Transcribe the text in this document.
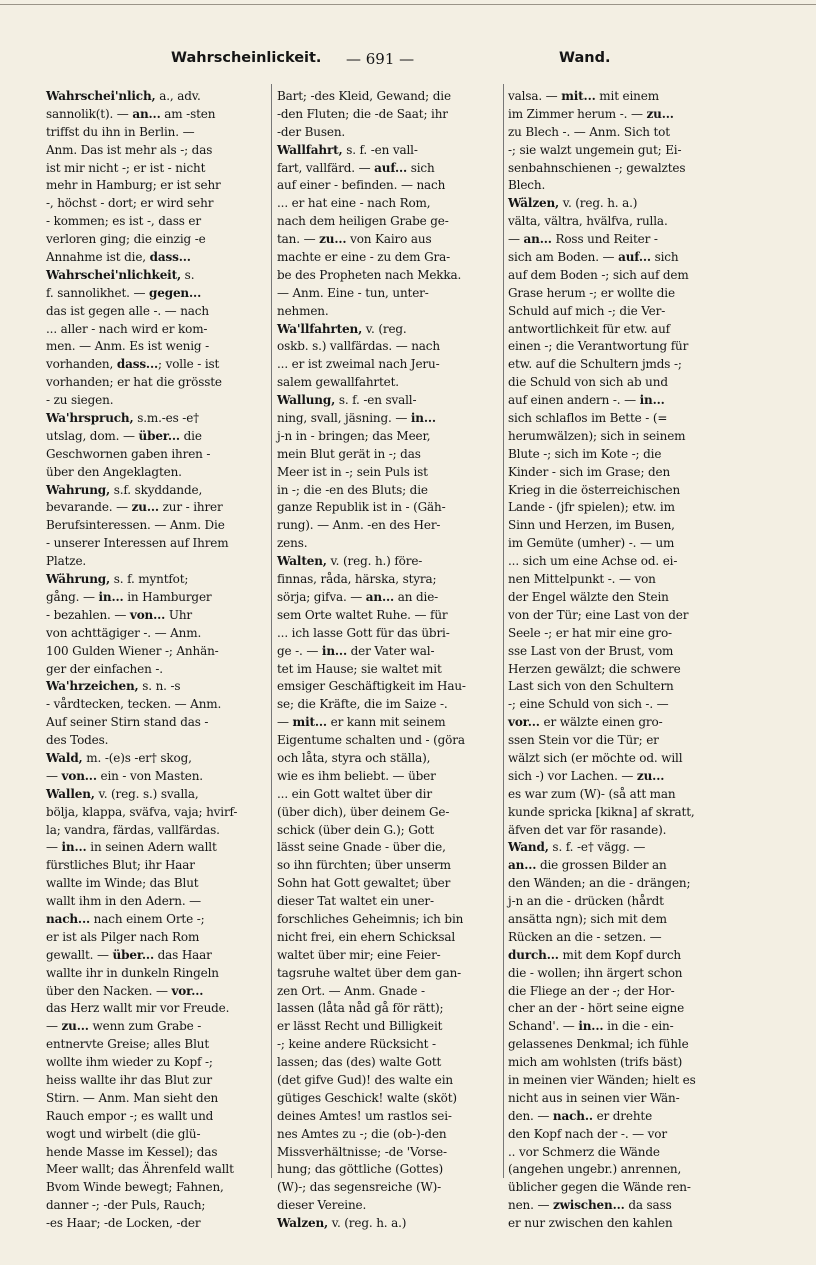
Wahrscheinlickeit. — 691 —	Wand.
Wahrschei'nlich, a., adv.
sannolik(t). — an... am -sten
triffst du ihn in Berlin. —
Anm. Das ist mehr als -; das
ist mir nicht -; er ist - nicht
mehr in Hamburg; er ist sehr
-, höchst - dort; er wird sehr
- kommen; es ist -, dass er
verloren ging; die einzig -e
Annahme ist die, dass...
Wahrschei'nlichkeit, s.
f. sannolikhet. — gegen...
das ist gegen alle -. — nach
... aller - nach wird er kom-
men. — Anm. Es ist wenig -
vorhanden, dass...; volle - ist
vorhanden; er hat die grösste
- zu siegen.
Wa'hrspruch, s.m.-es -e†
utslag, dom. — über... die
Geschwornen gaben ihren -
über den Angeklagten.
Wahrung, s.f. skyddande,
bevarande. — zu... zur - ihrer
Berufsinteressen. — Anm. Die
- unserer Interessen auf Ihrem
Platze.
Währung, s. f. myntfot;
gång. — in... in Hamburger
- bezahlen. — von... Uhr
von achttägiger -. — Anm.
100 Gulden Wiener -; Anhän-
ger der einfachen -.
Wa'hrzeichen, s. n. -s
- vårdtecken, tecken. — Anm.
Auf seiner Stirn stand das -
des Todes.
Wald, m. -(e)s -er† skog,
— von... ein - von Masten.
Wallen, v. (reg. s.) svalla,
bölja, klappa, sväfva, vaja; hvirf-
la; vandra, färdas, vallfärdas.
— in... in seinen Adern wallt
fürstliches Blut; ihr Haar
wallte im Winde; das Blut
wallt ihm in den Adern. —
nach... nach einem Orte -;
er ist als Pilger nach Rom
gewallt. — über... das Haar
wallte ihr in dunkeln Ringeln
über den Nacken. — vor...
das Herz wallt mir vor Freude.
— zu... wenn zum Grabe -
entnervte Greise; alles Blut
wollte ihm wieder zu Kopf -;
heiss wallte ihr das Blut zur
Stirn. — Anm. Man sieht den
Rauch empor -; es wallt und
wogt und wirbelt (die glü-
hende Masse im Kessel); das
Meer wallt; das Ährenfeld wallt
Bvom Winde bewegt; Fahnen,
danner -; -der Puls, Rauch;
-es Haar; -de Locken, -der
Bart; -des Kleid, Gewand; die
-den Fluten; die -de Saat; ihr
-der Busen.
Wallfahrt, s. f. -en vall-
fart, vallfärd. — auf... sich
auf einer - befinden. — nach
... er hat eine - nach Rom,
nach dem heiligen Grabe ge-
tan. — zu... von Kairo aus
machte er eine - zu dem Gra-
be des Propheten nach Mekka.
— Anm. Eine - tun, unter-
nehmen.
Wa'llfahrten, v. (reg.
oskb. s.) vallfärdas. — nach
... er ist zweimal nach Jeru-
salem gewallfahrtet.
Wallung, s. f. -en svall-
ning, svall, jäsning. — in...
j-n in - bringen; das Meer,
mein Blut gerät in -; das
Meer ist in -; sein Puls ist
in -; die -en des Bluts; die
ganze Republik ist in - (Gäh-
rung). — Anm. -en des Her-
zens.
Walten, v. (reg. h.) före-
finnas, råda, härska, styra;
sörja; gifva. — an... an die-
sem Orte waltet Ruhe. — für
... ich lasse Gott für das übri-
ge -. — in... der Vater wal-
tet im Hause; sie waltet mit
emsiger Geschäftigkeit im Hau-
se; die Kräfte, die im Saize -.
— mit... er kann mit seinem
Eigentume schalten und - (göra
och låta, styra och ställa),
wie es ihm beliebt. — über
... ein Gott waltet über dir
(über dich), über deinem Ge-
schick (über dein G.); Gott
lässt seine Gnade - über die,
so ihn fürchten; über unserm
Sohn hat Gott gewaltet; über
dieser Tat waltet ein uner-
forschliches Geheimnis; ich bin
nicht frei, ein ehern Schicksal
waltet über mir; eine Feier-
tagsruhe waltet über dem gan-
zen Ort. — Anm. Gnade -
lassen (låta nåd gå för rätt);
er lässt Recht und Billigkeit
-; keine andere Rücksicht -
lassen; das (des) walte Gott
(det gifve Gud)! des walte ein
gütiges Geschick! walte (sköt)
deines Amtes! um rastlos sei-
nes Amtes zu -; die (ob-)-den
Missverhältnisse; -de 'Vorse-
hung; das göttliche (Gottes)
(W)-; das segensreiche (W)-
dieser Vereine.
Walzen, v. (reg. h. a.)
valsa. — mit... mit einem
im Zimmer herum -. — zu...
zu Blech -. — Anm. Sich tot
-; sie walzt ungemein gut; Ei-
senbahnschienen -; gewalztes
Blech.
Wälzen, v. (reg. h. a.)
välta, vältra, hvälfva, rulla.
— an... Ross und Reiter -
sich am Boden. — auf... sich
auf dem Boden -; sich auf dem
Grase herum -; er wollte die
Schuld auf mich -; die Ver-
antwortlichkeit für etw. auf
einen -; die Verantwortung für
etw. auf die Schultern jmds -;
die Schuld von sich ab und
auf einen andern -. — in...
sich schlaflos im Bette - (=
herumwälzen); sich in seinem
Blute -; sich im Kote -; die
Kinder - sich im Grase; den
Krieg in die österreichischen
Lande - (jfr spielen); etw. im
Sinn und Herzen, im Busen,
im Gemüte (umher) -. — um
... sich um eine Achse od. ei-
nen Mittelpunkt -. — von
der Engel wälzte den Stein
von der Tür; eine Last von der
Seele -; er hat mir eine gro-
sse Last von der Brust, vom
Herzen gewälzt; die schwere
Last sich von den Schultern
-; eine Schuld von sich -. —
vor... er wälzte einen gro-
ssen Stein vor die Tür; er
wälzt sich (er möchte od. will
sich -) vor Lachen. — zu...
es war zum (W)- (så att man
kunde spricka [kikna] af skratt,
äfven det var för rasande).
Wand, s. f. -e† vägg. —
an... die grossen Bilder an
den Wänden; an die - drängen;
j-n an die - drücken (hårdt
ansätta ngn); sich mit dem
Rücken an die - setzen. —
durch... mit dem Kopf durch
die - wollen; ihn ärgert schon
die Fliege an der -; der Hor-
cher an der - hört seine eigne
Schand'. — in... in die - ein-
gelassenes Denkmal; ich fühle
mich am wohlsten (trifs bäst)
in meinen vier Wänden; hielt es
nicht aus in seinen vier Wän-
den. — nach.. er drehte
den Kopf nach der -. — vor
.. vor Schmerz die Wände
(angehen ungebr.) anrennen,
üblicher gegen die Wände ren-
nen. — zwischen... da sass
er nur zwischen den kahlen
